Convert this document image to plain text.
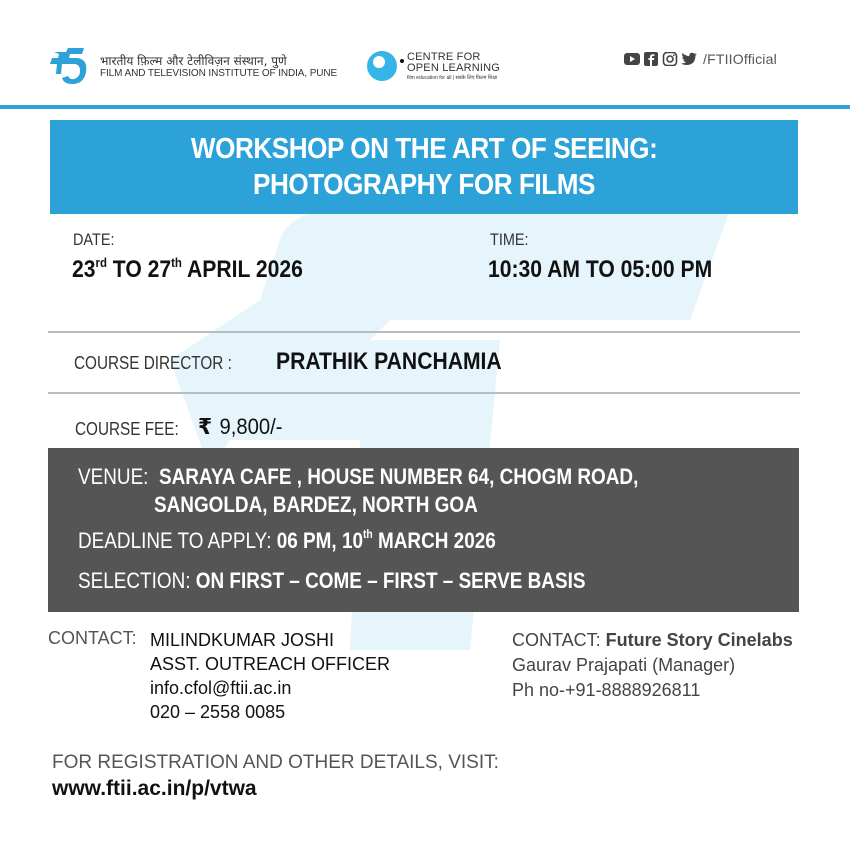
भारतीय फ़िल्म और टेलीविज़न संस्थान, पुणे
FILM AND TELEVISION INSTITUTE OF INDIA, PUNE
CENTRE FOR
OPEN LEARNING
film education for all | सबके लिए फ़िल्म शिक्षा
/FTIIOfficial
WORKSHOP ON THE ART OF SEEING:
PHOTOGRAPHY FOR FILMS
DATE:
23rd TO 27th APRIL 2026
TIME:
10:30 AM TO 05:00 PM
COURSE DIRECTOR : PRATHIK PANCHAMIA
COURSE FEE: ₹ 9,800/-
VENUE:  SARAYA CAFE , HOUSE NUMBER 64, CHOGM ROAD,
SANGOLDA, BARDEZ, NORTH GOA
DEADLINE TO APPLY: 06 PM, 10th MARCH 2026
SELECTION: ON FIRST – COME – FIRST – SERVE BASIS
CONTACT: MILINDKUMAR JOSHI
ASST. OUTREACH OFFICER
info.cfol@ftii.ac.in
020 – 2558 0085
CONTACT: Future Story Cinelabs
Gaurav Prajapati (Manager)
Ph no-+91-8888926811
FOR REGISTRATION AND OTHER DETAILS, VISIT:
www.ftii.ac.in/p/vtwa
